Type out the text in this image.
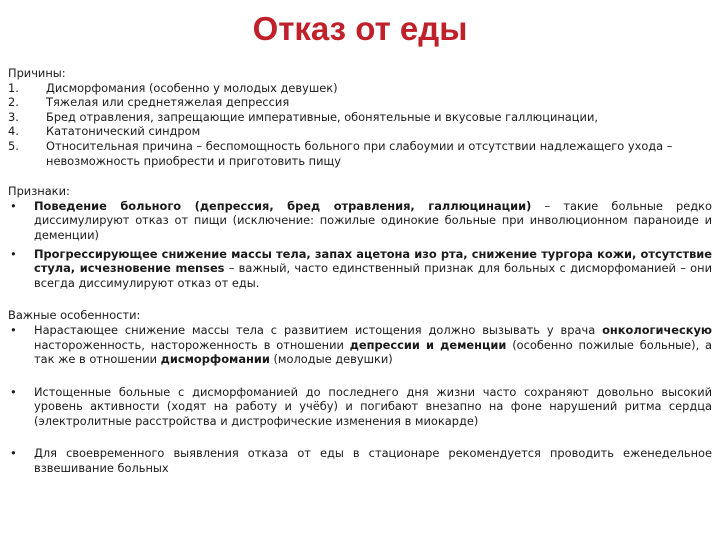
Отказ от еды
Причины:
1.	Дисморфомания (особенно у молодых девушек)
2.	Тяжелая или среднетяжелая депрессия
3.	Бред отравления, запрещающие императивные, обонятельные и вкусовые галлюцинации,
4.	Кататонический синдром
5.	Относительная причина – беспомощность больного при слабоумии и отсутствии надлежащего ухода – невозможность приобрести и приготовить пищу
Признаки:
•	Поведение больного (депрессия, бред отравления, галлюцинации) – такие больные редко диссимулируют отказ от пищи (исключение: пожилые одинокие больные при инволюционном параноиде и деменции)
•	Прогрессирующее снижение массы тела, запах ацетона изо рта, снижение тургора кожи, отсутствие стула, исчезновение menses – важный, часто единственный признак для больных с дисморфоманией – они всегда диссимулируют отказ от еды.
Важные особенности:
•	Нарастающее снижение массы тела с развитием истощения должно вызывать у врача онкологическую настороженность, настороженность в отношении депрессии и деменции (особенно пожилые больные), а так же в отношении дисморфомании (молодые девушки)
•	Истощенные больные с дисморфоманией до последнего дня жизни часто сохраняют довольно высокий уровень активности (ходят на работу и учёбу) и погибают внезапно на фоне нарушений ритма сердца (электролитные расстройства и дистрофические изменения в миокарде)
•	Для своевременного выявления отказа от еды в стационаре рекомендуется проводить еженедельное взвешивание больных
